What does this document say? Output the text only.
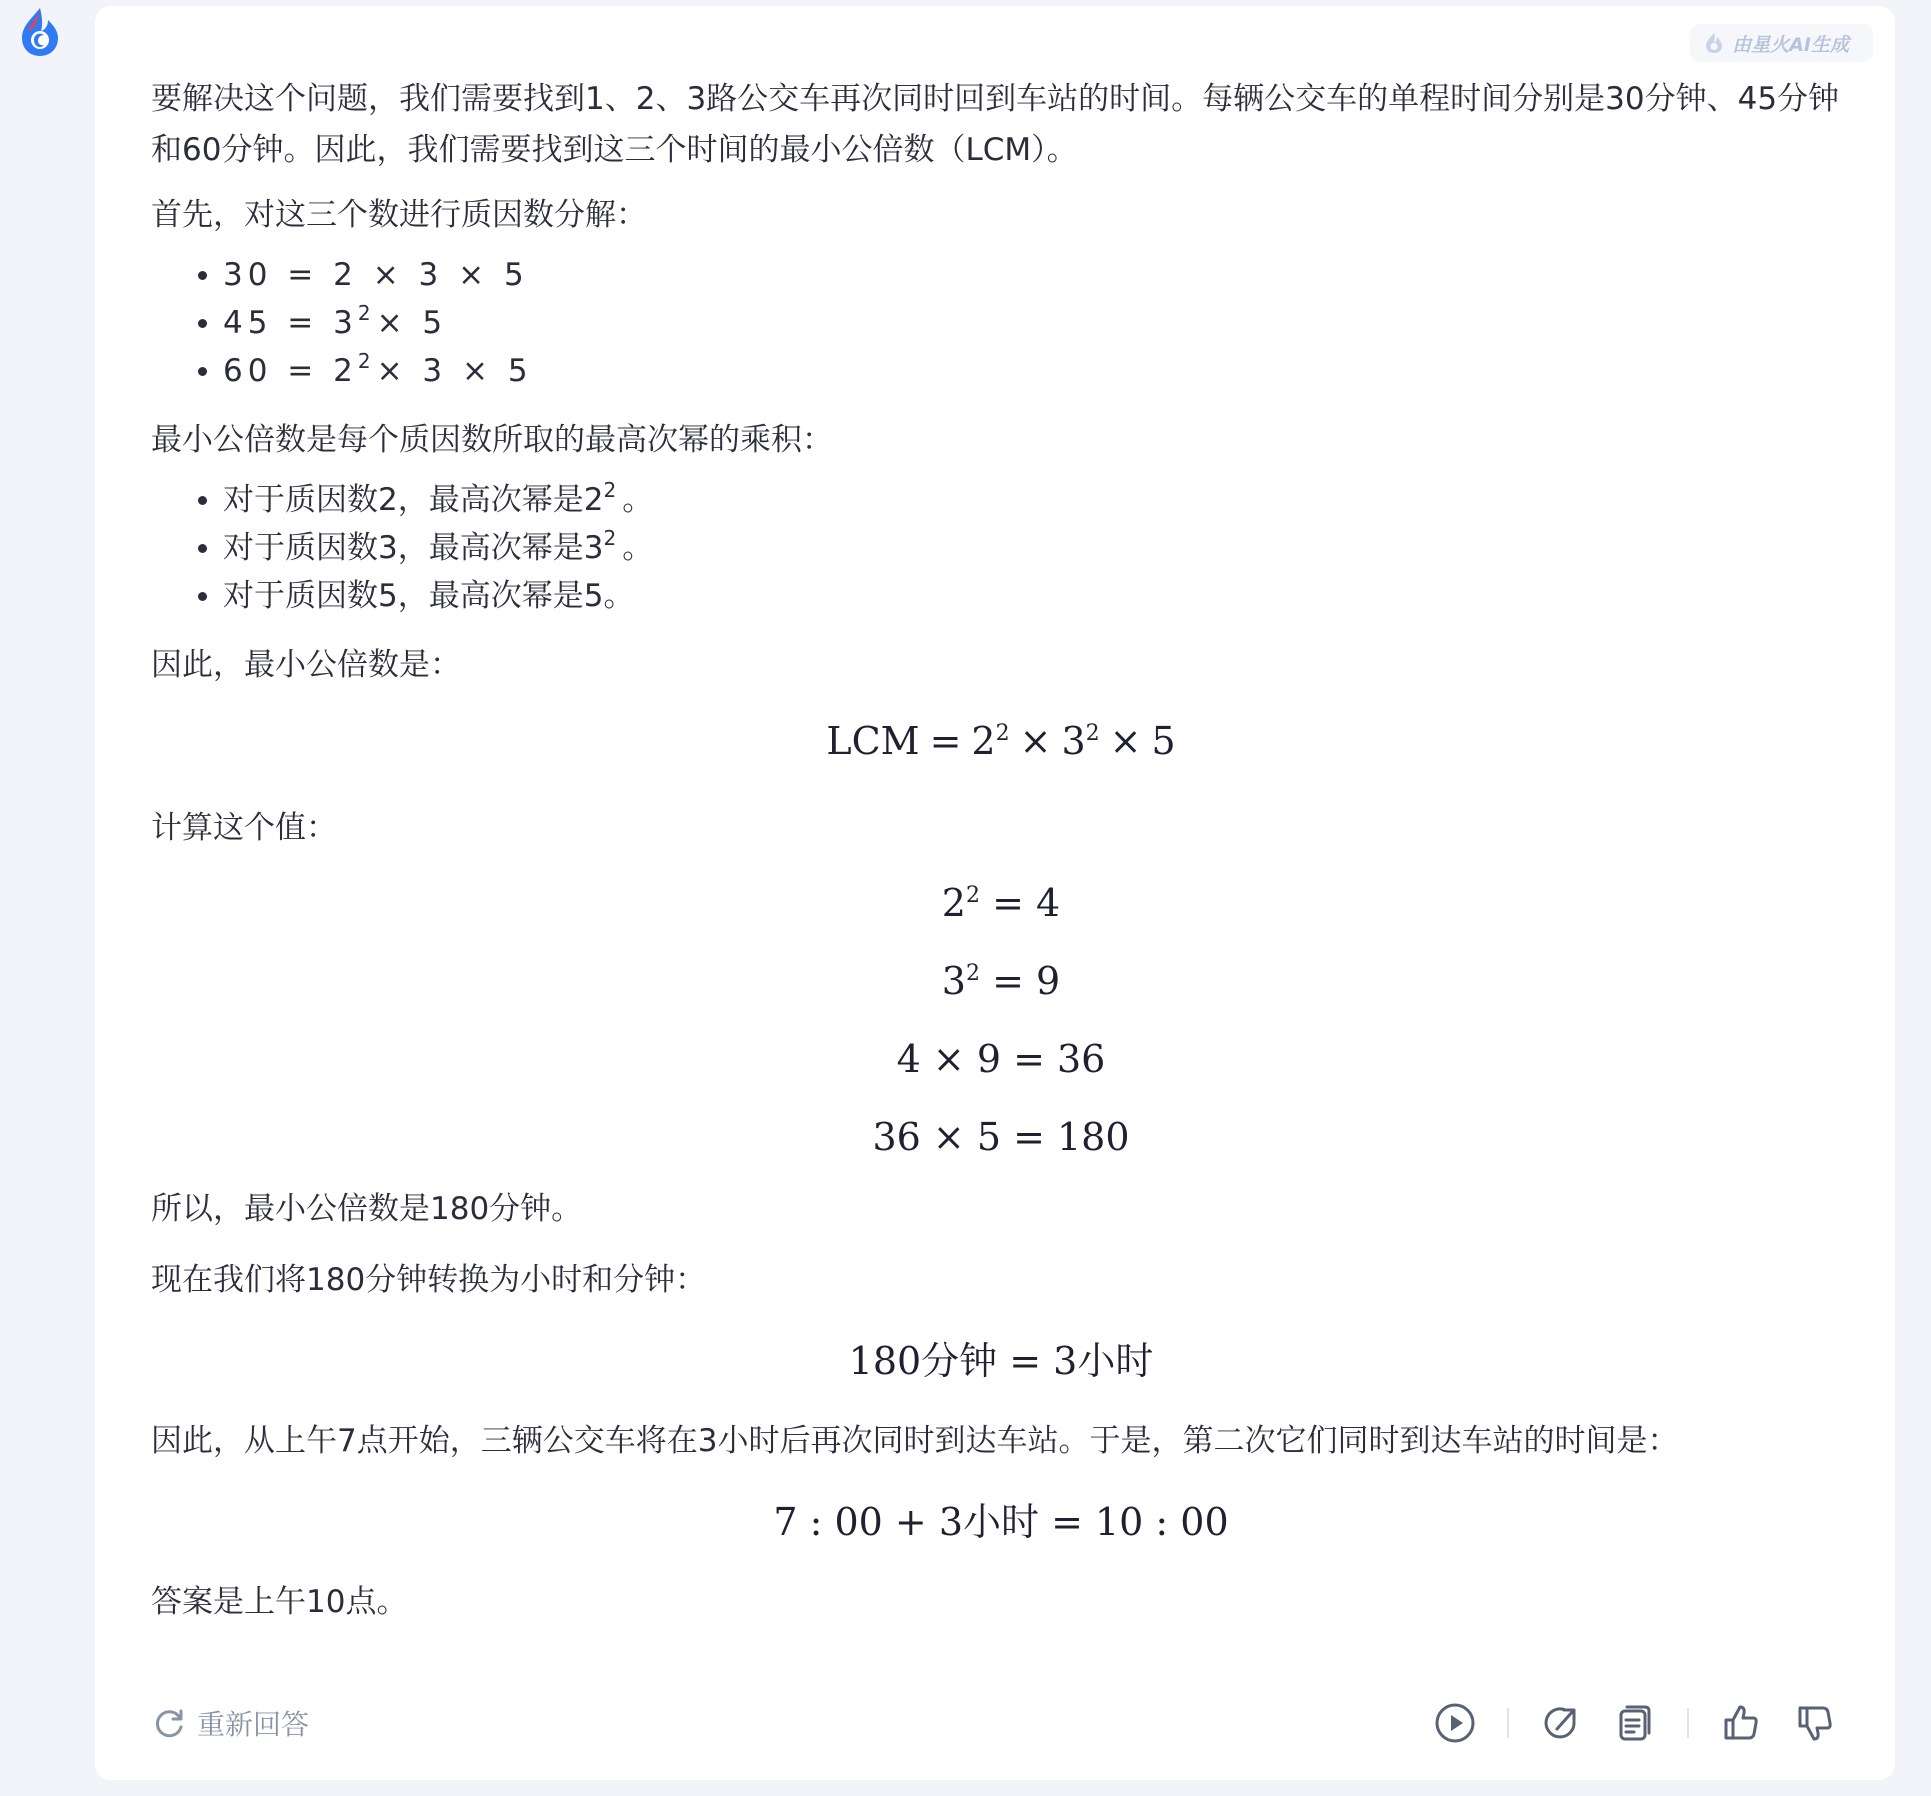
由星火AI生成

要解决这个问题，我们需要找到1、2、3路公交车再次同时回到车站的时间。每辆公交车的单程时间分别是30分钟、45分钟和60分钟。因此，我们需要找到这三个时间的最小公倍数（LCM）。

首先，对这三个数进行质因数分解：

30 = 2 × 3 × 5
$45 = 3^2 \times 5$
$60 = 2^2 \times 3 \times 5$

最小公倍数是每个质因数所取的最高次幂的乘积：

对于质因数2，最高次幂是$2^2$ 。
对于质因数3，最高次幂是$3^2$ 。
对于质因数5，最高次幂是5。

因此，最小公倍数是：

LCM = $2^2 \times 3^2 \times 5$

计算这个值：

$2^2 = 4$
$3^2 = 9$
4 × 9 = 36
36 × 5 = 180

所以，最小公倍数是180分钟。

现在我们将180分钟转换为小时和分钟：

180分钟 = 3小时

因此，从上午7点开始，三辆公交车将在3小时后再次同时到达车站。于是，第二次它们同时到达车站的时间是：

7 : 00 + 3小时 = 10 : 00

答案是上午10点。

重新回答
